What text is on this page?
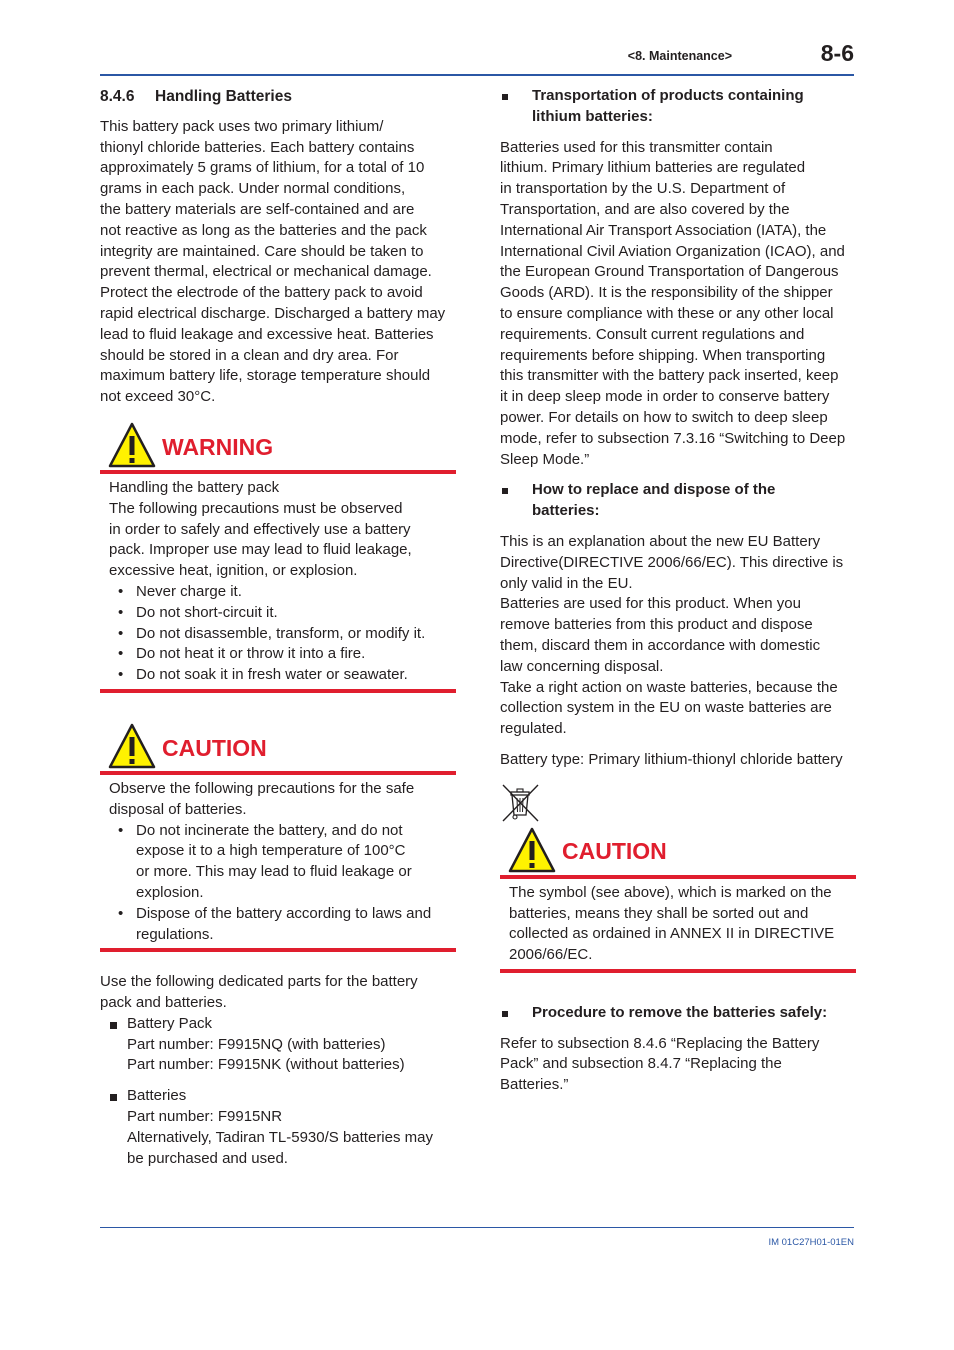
<8. Maintenance>	8-6
8.4.6 Handling Batteries
This battery pack uses two primary lithium/
thionyl chloride batteries. Each battery contains
approximately 5 grams of lithium, for a total of 10
grams in each pack. Under normal conditions,
the battery materials are self-contained and are
not reactive as long as the batteries and the pack
integrity are maintained. Care should be taken to
prevent thermal, electrical or mechanical damage.
Protect the electrode of the battery pack to avoid
rapid electrical discharge. Discharged a battery may
lead to fluid leakage and excessive heat. Batteries
should be stored in a clean and dry area. For
maximum battery life, storage temperature should
not exceed 30°C.
WARNING
Handling the battery pack
The following precautions must be observed
in order to safely and effectively use a battery
pack. Improper use may lead to fluid leakage,
excessive heat, ignition, or explosion.
• Never charge it.
• Do not short-circuit it.
• Do not disassemble, transform, or modify it.
• Do not heat it or throw it into a fire.
• Do not soak it in fresh water or seawater.
CAUTION
Observe the following precautions for the safe
disposal of batteries.
• Do not incinerate the battery, and do not
expose it to a high temperature of 100°C
or more. This may lead to fluid leakage or
explosion.
• Dispose of the battery according to laws and
regulations.
Use the following dedicated parts for the battery
pack and batteries.
Battery Pack
Part number: F9915NQ (with batteries)
Part number: F9915NK (without batteries)
Batteries
Part number: F9915NR
Alternatively, Tadiran TL-5930/S batteries may
be purchased and used.
Transportation of products containing
lithium batteries:
Batteries used for this transmitter contain
lithium. Primary lithium batteries are regulated
in transportation by the U.S. Department of
Transportation, and are also covered by the
International Air Transport Association (IATA), the
International Civil Aviation Organization (ICAO), and
the European Ground Transportation of Dangerous
Goods (ARD). It is the responsibility of the shipper
to ensure compliance with these or any other local
requirements. Consult current regulations and
requirements before shipping. When transporting
this transmitter with the battery pack inserted, keep
it in deep sleep mode in order to conserve battery
power. For details on how to switch to deep sleep
mode, refer to subsection 7.3.16 “Switching to Deep
Sleep Mode.”
How to replace and dispose of the
batteries:
This is an explanation about the new EU Battery
Directive(DIRECTIVE 2006/66/EC). This directive is
only valid in the EU.
Batteries are used for this product. When you
remove batteries from this product and dispose
them, discard them in accordance with domestic
law concerning disposal.
Take a right action on waste batteries, because the
collection system in the EU on waste batteries are
regulated.
Battery type: Primary lithium-thionyl chloride battery
CAUTION
The symbol (see above), which is marked on the
batteries, means they shall be sorted out and
collected as ordained in ANNEX II in DIRECTIVE
2006/66/EC.
Procedure to remove the batteries safely:
Refer to subsection 8.4.6 “Replacing the Battery
Pack” and subsection 8.4.7 “Replacing the
Batteries.”
IM 01C27H01-01EN
